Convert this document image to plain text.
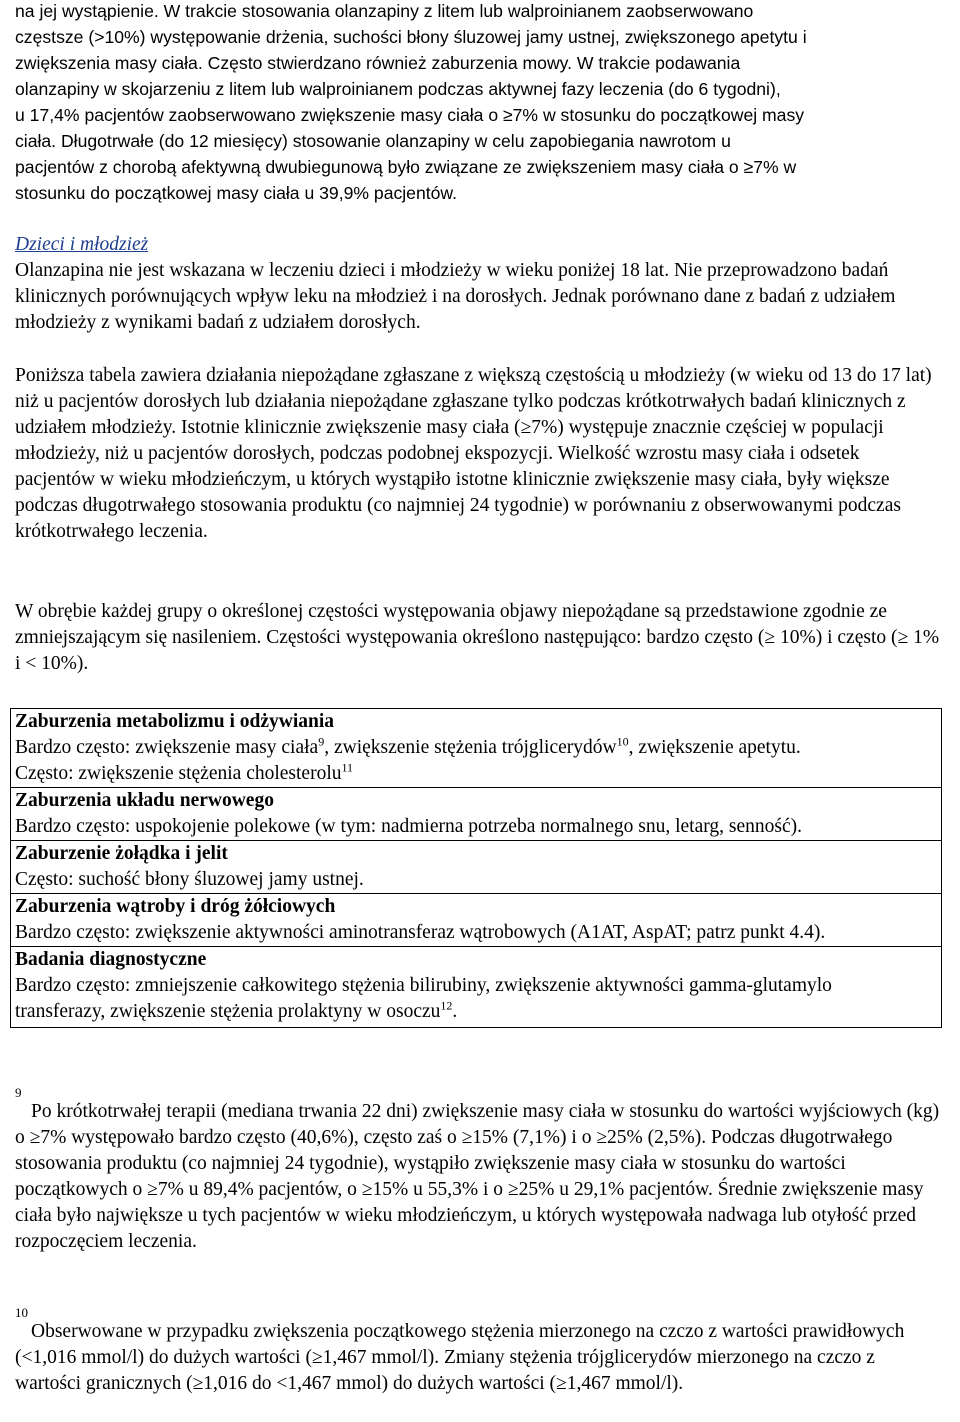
na jej wystąpienie. W trakcie stosowania olanzapiny z litem lub walproinianem zaobserwowano
częstsze (>10%) występowanie drżenia, suchości błony śluzowej jamy ustnej, zwiększonego apetytu i
zwiększenia masy ciała. Często stwierdzano również zaburzenia mowy. W trakcie podawania
olanzapiny w skojarzeniu z litem lub walproinianem podczas aktywnej fazy leczenia (do 6 tygodni),
u 17,4% pacjentów zaobserwowano zwiększenie masy ciała o ≥7% w stosunku do początkowej masy
ciała. Długotrwałe (do 12 miesięcy) stosowanie olanzapiny w celu zapobiegania nawrotom u
pacjentów z chorobą afektywną dwubiegunową było związane ze zwiększeniem masy ciała o ≥7% w
stosunku do początkowej masy ciała u 39,9% pacjentów.
Dzieci i młodzież

Olanzapina nie jest wskazana w leczeniu dzieci i młodzieży w wieku poniżej 18 lat. Nie przeprowadzono badań klinicznych porównujących wpływ leku na młodzież i na dorosłych. Jednak porównano dane z badań z udziałem młodzieży z wynikami badań z udziałem dorosłych.

Poniższa tabela zawiera działania niepożądane zgłaszane z większą częstością u młodzieży (w wieku od 13 do 17 lat) niż u pacjentów dorosłych lub działania niepożądane zgłaszane tylko podczas krótkotrwałych badań klinicznych z udziałem młodzieży. Istotnie klinicznie zwiększenie masy ciała (≥7%) występuje znacznie częściej w populacji młodzieży, niż u pacjentów dorosłych, podczas podobnej ekspozycji. Wielkość wzrostu masy ciała i odsetek pacjentów w wieku młodzieńczym, u których wystąpiło istotne klinicznie zwiększenie masy ciała, były większe podczas długotrwałego stosowania produktu (co najmniej 24 tygodnie) w porównaniu z obserwowanymi podczas krótkotrwałego leczenia.

W obrębie każdej grupy o określonej częstości występowania objawy niepożądane są przedstawione zgodnie ze zmniejszającym się nasileniem. Częstości występowania określono następująco: bardzo często (≥ 10%) i często (≥ 1% i < 10%).

Zaburzenia metabolizmu i odżywiania
Bardzo często: zwiększenie masy ciała$^9$, zwiększenie stężenia trójglicerydów$^{10}$, zwiększenie apetytu.
Często: zwiększenie stężenia cholesterolu$^{11}$
Zaburzenia układu nerwowego
Bardzo często: uspokojenie polekowe (w tym: nadmierna potrzeba normalnego snu, letarg, senność).
Zaburzenie żołądka i jelit
Często: suchość błony śluzowej jamy ustnej.
Zaburzenia wątroby i dróg żółciowych
Bardzo często: zwiększenie aktywności aminotransferaz wątrobowych (A1AT, AspAT; patrz punkt 4.4).
Badania diagnostyczne
Bardzo często: zmniejszenie całkowitego stężenia bilirubiny, zwiększenie aktywności gamma-glutamylo transferazy, zwiększenie stężenia prolaktyny w osoczu$^{12}$.
9

Po krótkotrwałej terapii (mediana trwania 22 dni) zwiększenie masy ciała w stosunku do wartości wyjściowych (kg) o ≥7% występowało bardzo często (40,6%), często zaś o ≥15% (7,1%) i o ≥25% (2,5%). Podczas długotrwałego stosowania produktu (co najmniej 24 tygodnie), wystąpiło zwiększenie masy ciała w stosunku do wartości początkowych o ≥7% u 89,4% pacjentów, o ≥15% u 55,3% i o ≥25% u 29,1% pacjentów. Średnie zwiększenie masy ciała było największe u tych pacjentów w wieku młodzieńczym, u których występowała nadwaga lub otyłość przed rozpoczęciem leczenia.

10

Obserwowane w przypadku zwiększenia początkowego stężenia mierzonego na czczo z wartości prawidłowych (<1,016 mmol/l) do dużych wartości (≥1,467 mmol/l). Zmiany stężenia trójglicerydów mierzonego na czczo z wartości granicznych (≥1,016 do <1,467 mmol) do dużych wartości (≥1,467 mmol/l).
